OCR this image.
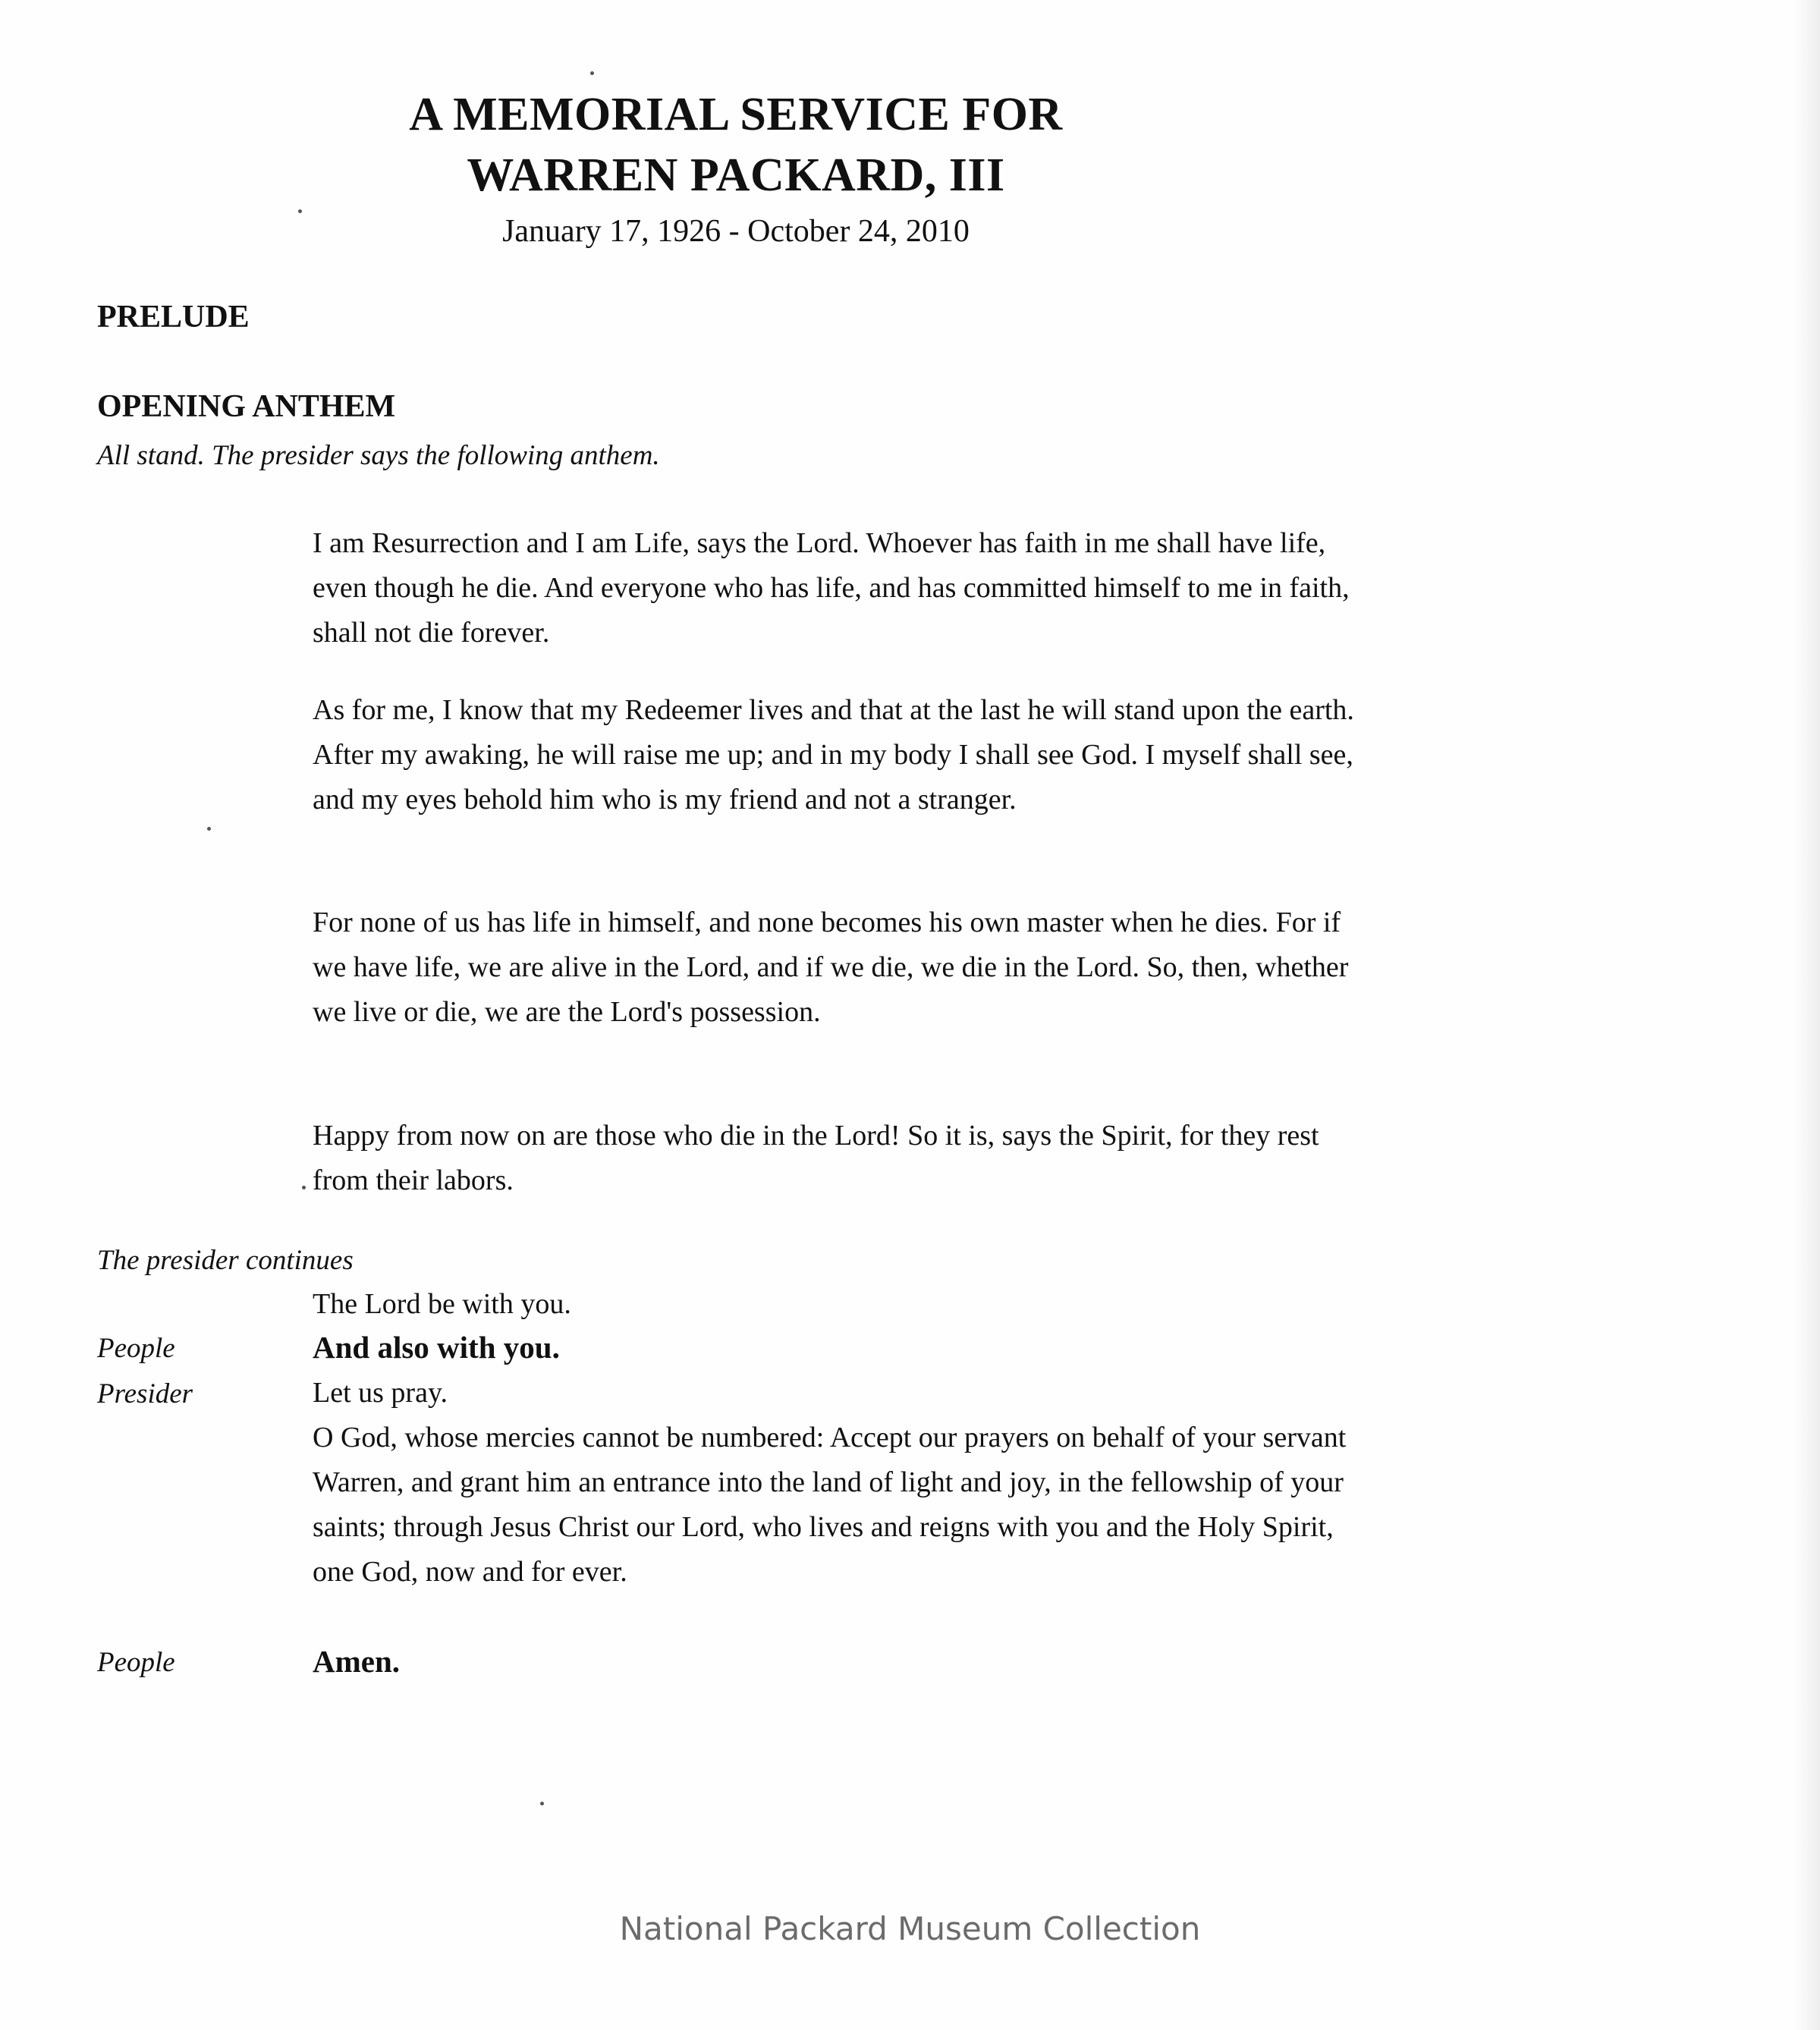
A MEMORIAL SERVICE FOR
WARREN PACKARD, III
January 17, 1926 - October 24, 2010
PRELUDE
OPENING ANTHEM
All stand. The presider says the following anthem.
I am Resurrection and I am Life, says the Lord. Whoever has faith in me shall have life, even though he die. And everyone who has life, and has committed himself to me in faith, shall not die forever.
As for me, I know that my Redeemer lives and that at the last he will stand upon the earth. After my awaking, he will raise me up; and in my body I shall see God. I myself shall see, and my eyes behold him who is my friend and not a stranger.
For none of us has life in himself, and none becomes his own master when he dies. For if we have life, we are alive in the Lord, and if we die, we die in the Lord. So, then, whether we live or die, we are the Lord's possession.
Happy from now on are those who die in the Lord! So it is, says the Spirit, for they rest from their labors.
The presider continues
The Lord be with you.
People	And also with you.
Presider	Let us pray.
O God, whose mercies cannot be numbered: Accept our prayers on behalf of your servant Warren, and grant him an entrance into the land of light and joy, in the fellowship of your saints; through Jesus Christ our Lord, who lives and reigns with you and the Holy Spirit, one God, now and for ever.
People	Amen.
National Packard Museum Collection
